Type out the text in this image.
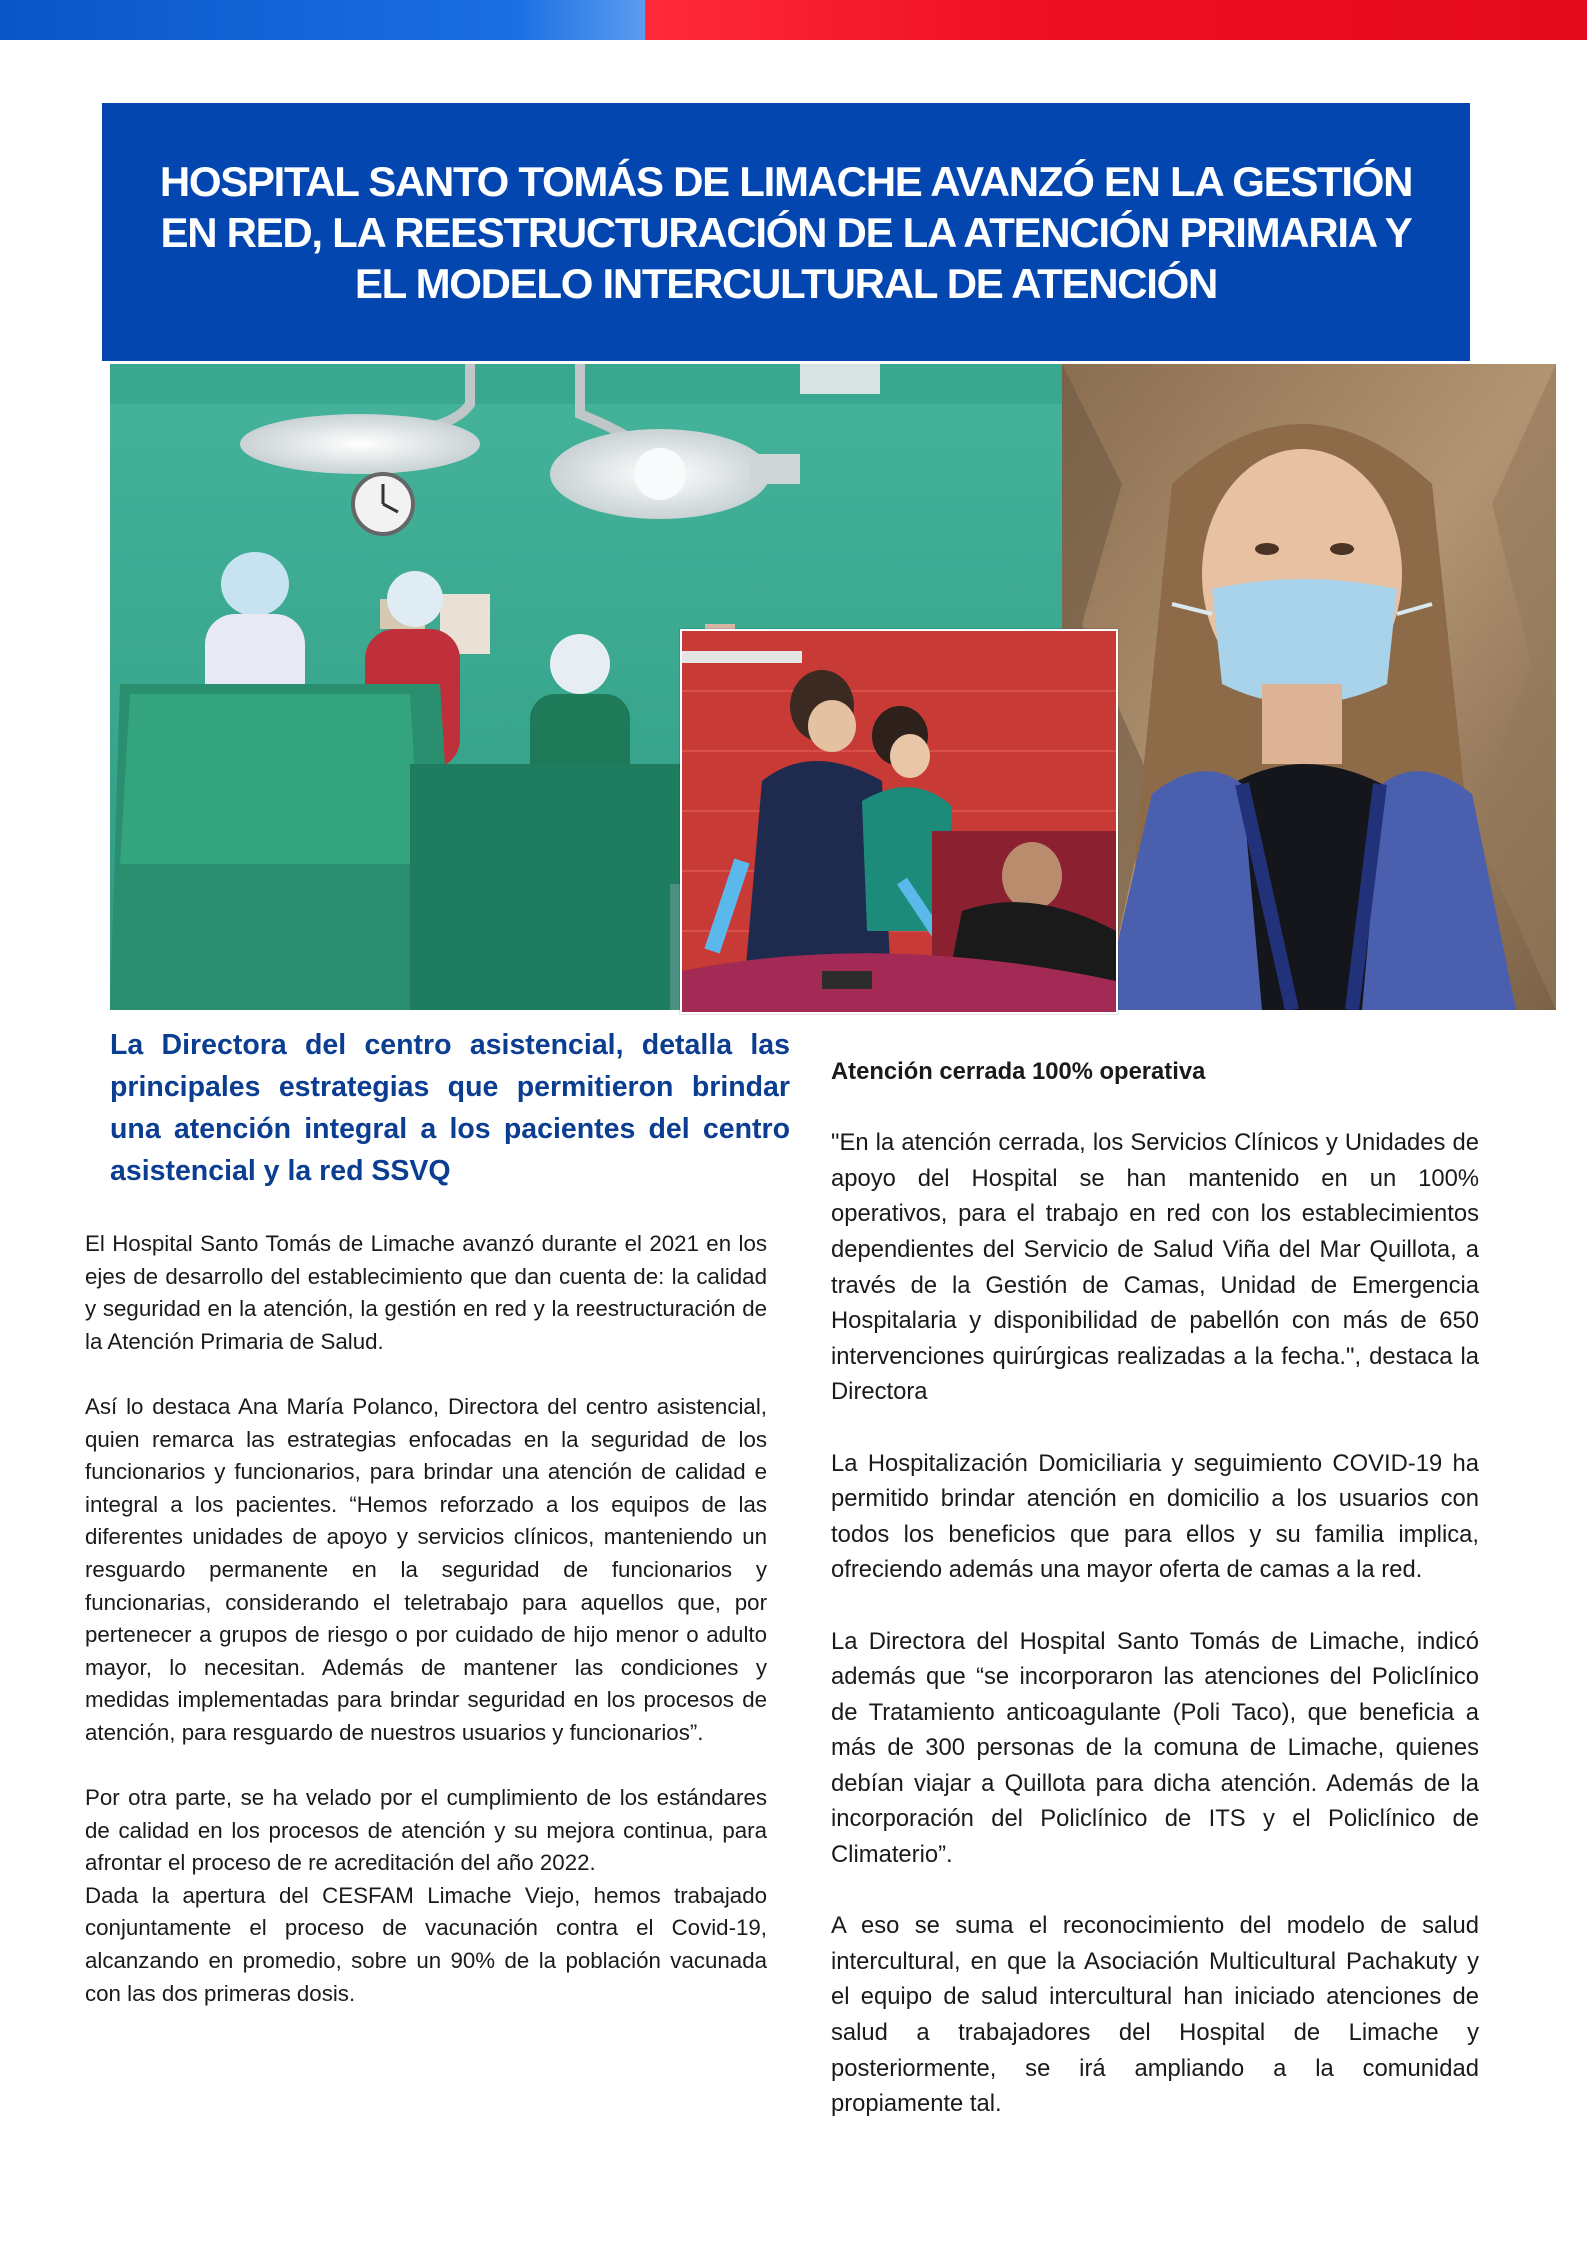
HOSPITAL SANTO TOMÁS DE LIMACHE AVANZÓ EN LA GESTIÓN EN RED, LA REESTRUCTURACIÓN DE LA ATENCIÓN PRIMARIA Y EL MODELO INTERCULTURAL DE ATENCIÓN

La Directora del centro asistencial, detalla las principales estrategias que permitieron brindar una atención integral a los pacientes del centro asistencial y la red SSVQ

El Hospital Santo Tomás de Limache avanzó durante el 2021 en los ejes de desarrollo del establecimiento que dan cuenta de: la calidad y seguridad en la atención, la gestión en red y la reestructuración de la Atención Primaria de Salud.

Así lo destaca Ana María Polanco, Directora del centro asistencial, quien remarca las estrategias enfocadas en la seguridad de los funcionarios y funcionarios, para brindar una atención de calidad e integral a los pacientes. “Hemos reforzado a los equipos de las diferentes unidades de apoyo y servicios clínicos, manteniendo un resguardo permanente en la seguridad de funcionarios y funcionarias, considerando el teletrabajo para aquellos que, por pertenecer a grupos de riesgo o por cuidado de hijo menor o adulto mayor, lo necesitan. Además de mantener las condiciones y medidas implementadas para brindar seguridad en los procesos de atención, para resguardo de nuestros usuarios y funcionarios”.

Por otra parte, se ha velado por el cumplimiento de los estándares de calidad en los procesos de atención y su mejora continua, para afrontar el proceso de re acreditación del año 2022.

Dada la apertura del CESFAM Limache Viejo, hemos trabajado conjuntamente el proceso de vacunación contra el Covid-19, alcanzando en promedio, sobre un 90% de la población vacunada con las dos primeras dosis.

Atención cerrada 100% operativa

"En la atención cerrada, los Servicios Clínicos y Unidades de apoyo del Hospital se han mantenido en un 100% operativos, para el trabajo en red con los establecimientos dependientes del Servicio de Salud Viña del Mar Quillota, a través de la Gestión de Camas, Unidad de Emergencia Hospitalaria y disponibilidad de pabellón con más de 650 intervenciones quirúrgicas realizadas a la fecha.", destaca la Directora

La Hospitalización Domiciliaria y seguimiento COVID-19 ha permitido brindar atención en domicilio a los usuarios con todos los beneficios que para ellos y su familia implica, ofreciendo además una mayor oferta de camas a la red.

La Directora del Hospital Santo Tomás de Limache, indicó además que “se incorporaron las atenciones del Policlínico de Tratamiento anticoagulante (Poli Taco), que beneficia a más de 300 personas de la comuna de Limache, quienes debían viajar a Quillota para dicha atención. Además de la incorporación del Policlínico de ITS y el Policlínico de Climaterio”.

A eso se suma el reconocimiento del modelo de salud intercultural, en que la Asociación Multicultural Pachakuty y el equipo de salud intercultural han iniciado atenciones de salud a trabajadores del Hospital de Limache y posteriormente, se irá ampliando a la comunidad propiamente tal.
